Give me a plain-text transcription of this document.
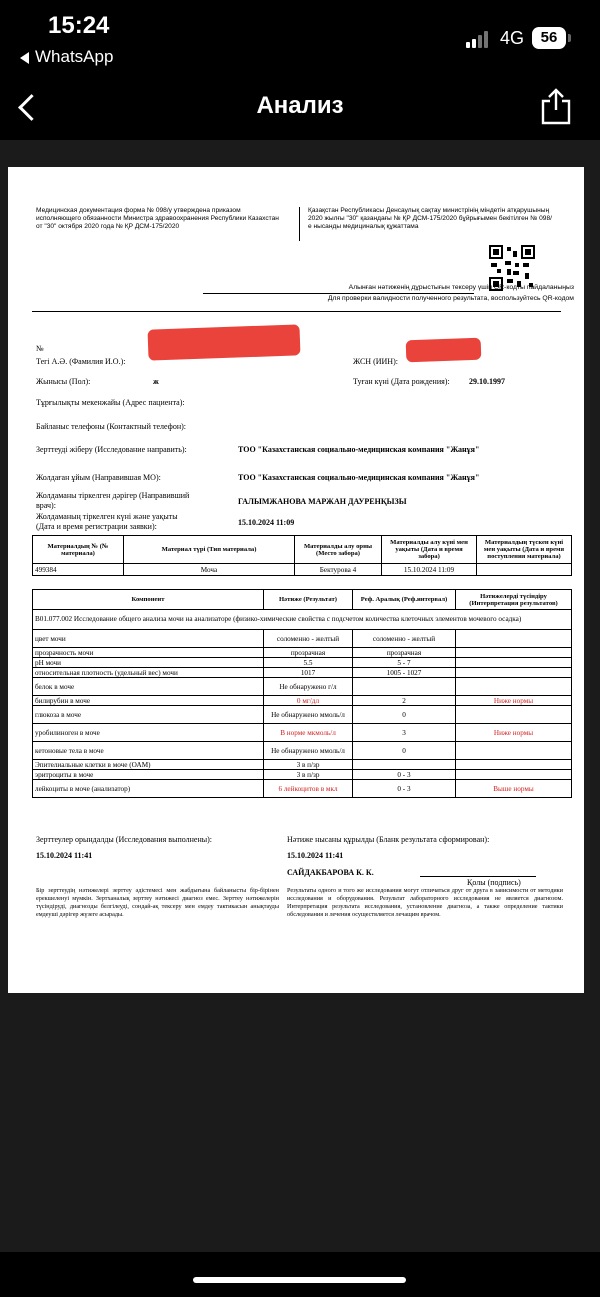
15:24
WhatsApp
4G	56
Анализ
Медицинская документация форма № 098/у утверждена приказом исполняющего обязанности Министра здравоохранения Республики Казахстан от "30" октября 2020 года № ҚР ДСМ-175/2020
Қазақстан Республикасы Денсаулық сақтау министрінің міндетін атқарушының 2020 жылғы "30" қазандағы № ҚР ДСМ-175/2020 бұйрығымен бекітілген № 098/е нысанды медициналық құжаттама
Алынған нәтиженің дұрыстығын тексеру үшін QR-кодты пайдаланыңыз
Для проверки валидности полученного результата, воспользуйтесь QR-кодом
№
Тегі А.Ә. (Фамилия И.О.):	ЖСН (ИИН):
Жынысы (Пол):	ж	Туған күні (Дата рождения): 29.10.1997
Тұрғылықты мекенжайы (Адрес пациента):
Байланыс телефоны (Контактный телефон):
Зерттеуді жіберу (Исследование направить):	ТОО "Казахстанская социально-медицинская компания "Жанұя"
Жолдаған ұйым (Направившая МО):	ТОО "Казахстанская социально-медицинская компания "Жанұя"
Жолдаманы тіркелген дәрігер (Направивший
врач):	ГАЛЫМЖАНОВА МАРЖАН ДАУРЕНҚЫЗЫ
Жолдаманың тіркелген күні және уақыты
(Дата и время регистрации заявки):	15.10.2024 11:09
Материалдың № (№ материала)	Материал түрі (Тип материала)	Материалды алу орны (Место забора)	Материалды алу күні мен уақыты (Дата и время забора)	Материалдың түскен күні мен уақыты (Дата и время поступления материала)
499384	Моча	Бектурова 4	15.10.2024 11:09	
Компонент	Нәтиже (Результат)	Реф. Аралық (Реф.интервал)	Нәтижелерді түсіндіру (Интерпретация результатов)
B01.077.002 Исследование общего анализа мочи на анализаторе (физико-химические свойства с подсчетом количества клеточных элементов мочевого осадка)			
цвет мочи	соломенно - желтый	соломенно - желтый	
прозрачность мочи	прозрачная	прозрачная	
pH мочи	5.5	5 - 7	
относительная плотность (удельный вес) мочи	1017	1005 - 1027	
белок в моче	Не обнаружено г/л		
билирубин в моче	0 мг/дл	2	Ниже нормы
глюкоза в моче	Не обнаружено ммоль/л	0	
уробилиноген в моче	В норме мкмоль/л	3	Ниже нормы
кетоновые тела в моче	Не обнаружено ммоль/л	0	
Эпителиальные клетки в моче (ОАМ)	3 в п/зр		
эритроциты в моче	3 в п/зр	0 - 3	
лейкоциты в моче (анализатор)	6 лейкоцитов в мкл	0 - 3	Выше нормы
Зерттеулер орындалды (Исследования выполнены):
15.10.2024 11:41
Нәтиже нысаны құрылды (Бланк результата сформирован):
15.10.2024 11:41
САЙДАКБАРОВА К. К.
Қолы (подпись)
Бір зерттеудің нәтижелері зерттеу әдістемесі мен жабдығына байланысты бір-бірінен ерекшеленуі мүмкін. Зертханалық зерттеу нәтижесі диагноз емес. Зерттеу нәтижелерін түсіндіруді, диагнозды белгілеуді, сондай-ақ тексеру мен емдеу тактикасын анықтауды емдеуші дәрігер жүзеге асырады.
Результаты одного и того же исследования могут отличаться друг от друга в зависимости от методики исследования и оборудования. Результат лабораторного исследования не является диагнозом. Интерпретация результата исследования, установление диагноза, а также определение тактики обследования и лечения осуществляется лечащим врачом.
